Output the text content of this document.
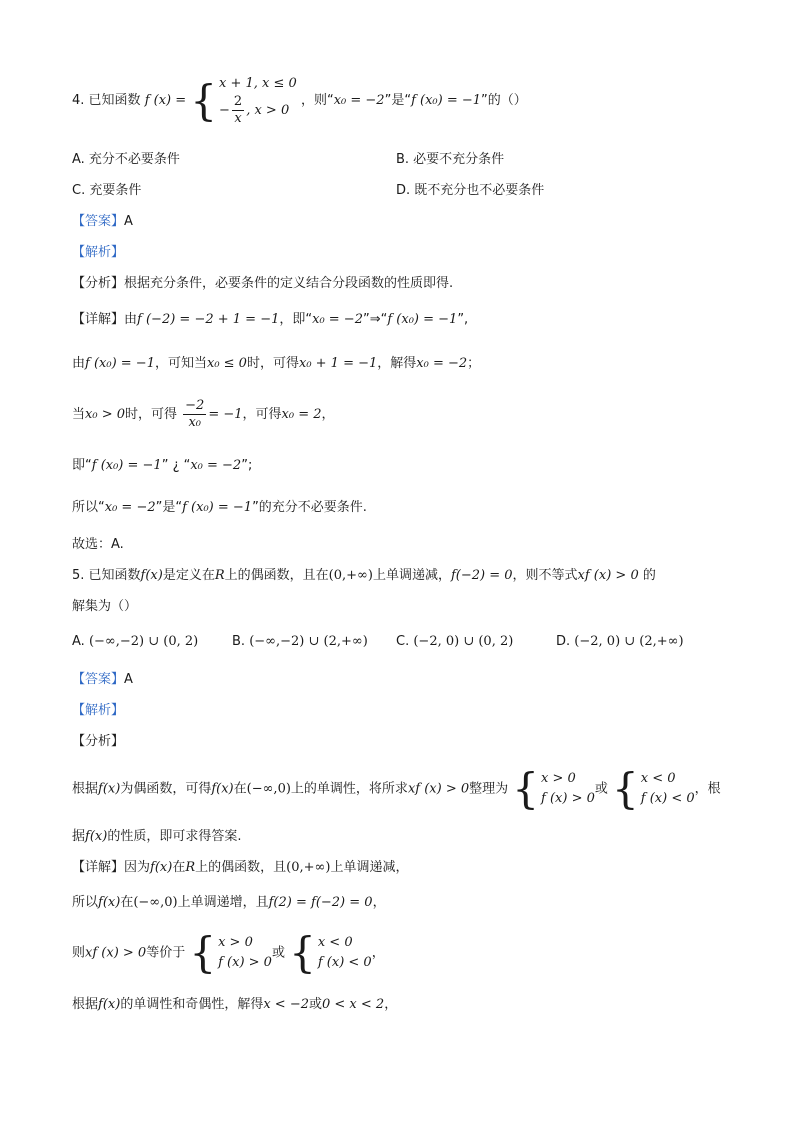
4. 已知函数 f (x) = { x + 1, x ≤ 0
− $\frac{2}{x}$ , x > 0
，则“x₀ = −2”是“f (x₀) = −1”的（）
A. 充分不必要条件	B. 必要不充分条件
C. 充要条件	D. 既不充分也不必要条件
【答案】A
【解析】
【分析】根据充分条件，必要条件的定义结合分段函数的性质即得.
【详解】由f (−2) = −2 + 1 = −1，即“x₀ = −2”⇒“f (x₀) = −1”,
由f (x₀) = −1，可知当x₀ ≤ 0时，可得x₀ + 1 = −1，解得x₀ = −2；
当x₀ > 0时，可得 $\frac{-2}{\text{x₀}} = -1$，可得x₀ = 2，
即“f (x₀) = −1” ¿ “x₀ = −2”;
所以“x₀ = −2”是“f (x₀) = −1”的充分不必要条件.
故选：A.
5. 已知函数f(x)是定义在R上的偶函数，且在(0,+∞)上单调递减，f(−2) = 0，则不等式xf (x) > 0 的
解集为（）
A. (−∞,−2) ∪ (0, 2)	B. (−∞,−2) ∪ (2,+∞) C. (−2, 0) ∪ (0, 2)	D. (−2, 0) ∪ (2,+∞)
【答案】A
【解析】
【分析】
根据f(x)为偶函数，可得f(x)在(−∞,0)上的单调性，将所求xf (x) > 0整理为 { x > 0
f (x) > 0
或 { x < 0
f (x) < 0
，根
据f(x)的性质，即可求得答案.
【详解】因为f(x)在R上的偶函数，且(0,+∞)上单调递减，
所以f(x)在(−∞,0)上单调递增，且f(2) = f(−2) = 0，
则xf (x) > 0等价于 { x > 0
f (x) > 0
或 { x < 0
f (x) < 0
，
根据f(x)的单调性和奇偶性，解得x < −2或0 < x < 2，
